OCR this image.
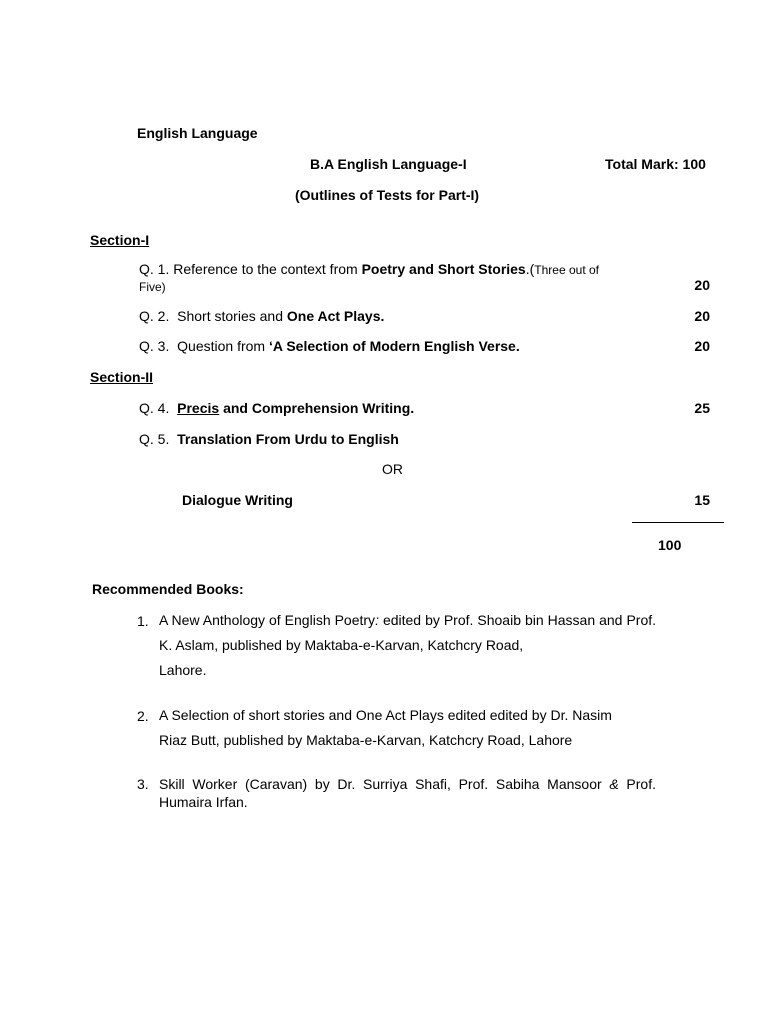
English Language
B.A English Language-I	Total Mark: 100
(Outlines of Tests for Part-I)
Section-I
Q. 1. Reference to the context from Poetry and Short Stories.(Three out of
Five)	20
Q. 2. Short stories and One Act Plays.	20
Q. 3. Question from ‘A Selection of Modern English Verse.	20
Section-II
Q. 4. Precis and Comprehension Writing.	25
Q. 5. Translation From Urdu to English
OR
Dialogue Writing	15
100
Recommended Books:
1. A New Anthology of English Poetry: edited by Prof. Shoaib bin Hassan and Prof. K. Aslam, published by Maktaba-e-Karvan, Katchcry Road,
Lahore.
2. A Selection of short stories and One Act Plays edited edited by Dr. Nasim
Riaz Butt, published by Maktaba-e-Karvan, Katchcry Road, Lahore
3. Skill Worker (Caravan) by Dr. Surriya Shafi, Prof. Sabiha Mansoor & Prof.
Humaira Irfan.
